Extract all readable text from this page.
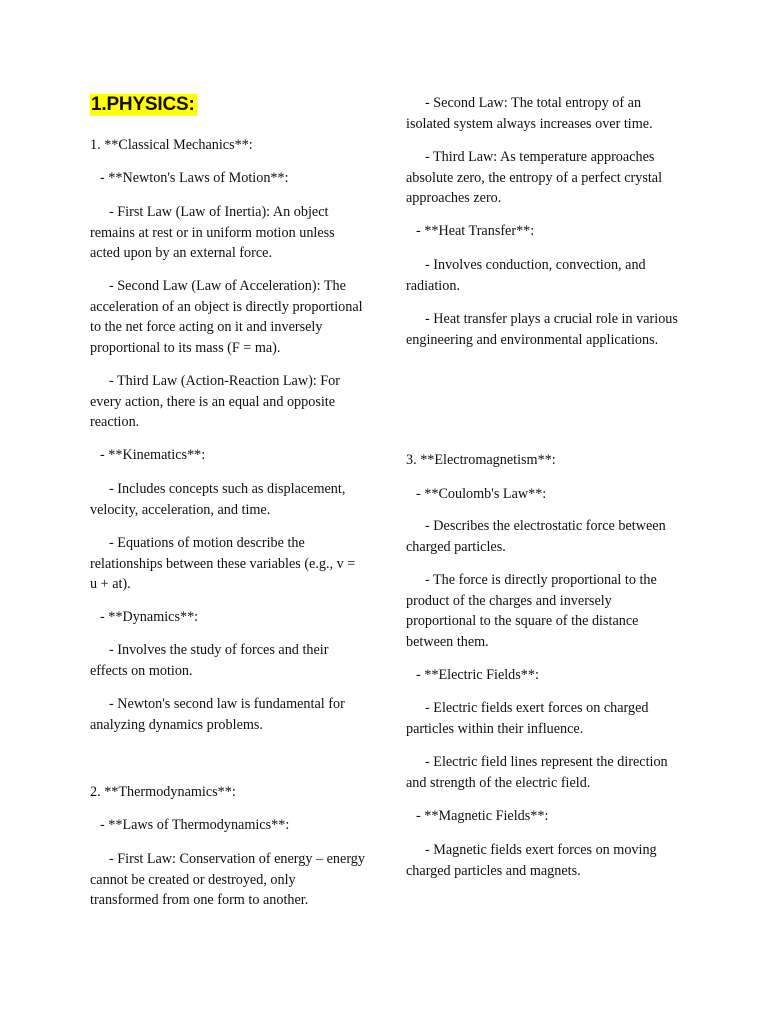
1.PHYSICS:

1. **Classical Mechanics**:

- **Newton's Laws of Motion**:

- First Law (Law of Inertia): An object remains at rest or in uniform motion unless acted upon by an external force.

- Second Law (Law of Acceleration): The acceleration of an object is directly proportional to the net force acting on it and inversely proportional to its mass (F = ma).

- Third Law (Action-Reaction Law): For every action, there is an equal and opposite reaction.

- **Kinematics**:

- Includes concepts such as displacement, velocity, acceleration, and time.

- Equations of motion describe the relationships between these variables (e.g., v = u + at).

- **Dynamics**:

- Involves the study of forces and their effects on motion.

- Newton's second law is fundamental for analyzing dynamics problems.

2. **Thermodynamics**:

- **Laws of Thermodynamics**:

- First Law: Conservation of energy – energy cannot be created or destroyed, only transformed from one form to another.

- Second Law: The total entropy of an isolated system always increases over time.

- Third Law: As temperature approaches absolute zero, the entropy of a perfect crystal approaches zero.

- **Heat Transfer**:

- Involves conduction, convection, and radiation.

- Heat transfer plays a crucial role in various engineering and environmental applications.

3. **Electromagnetism**:

- **Coulomb's Law**:

- Describes the electrostatic force between charged particles.

- The force is directly proportional to the product of the charges and inversely proportional to the square of the distance between them.

- **Electric Fields**:

- Electric fields exert forces on charged particles within their influence.

- Electric field lines represent the direction and strength of the electric field.

- **Magnetic Fields**:

- Magnetic fields exert forces on moving charged particles and magnets.
